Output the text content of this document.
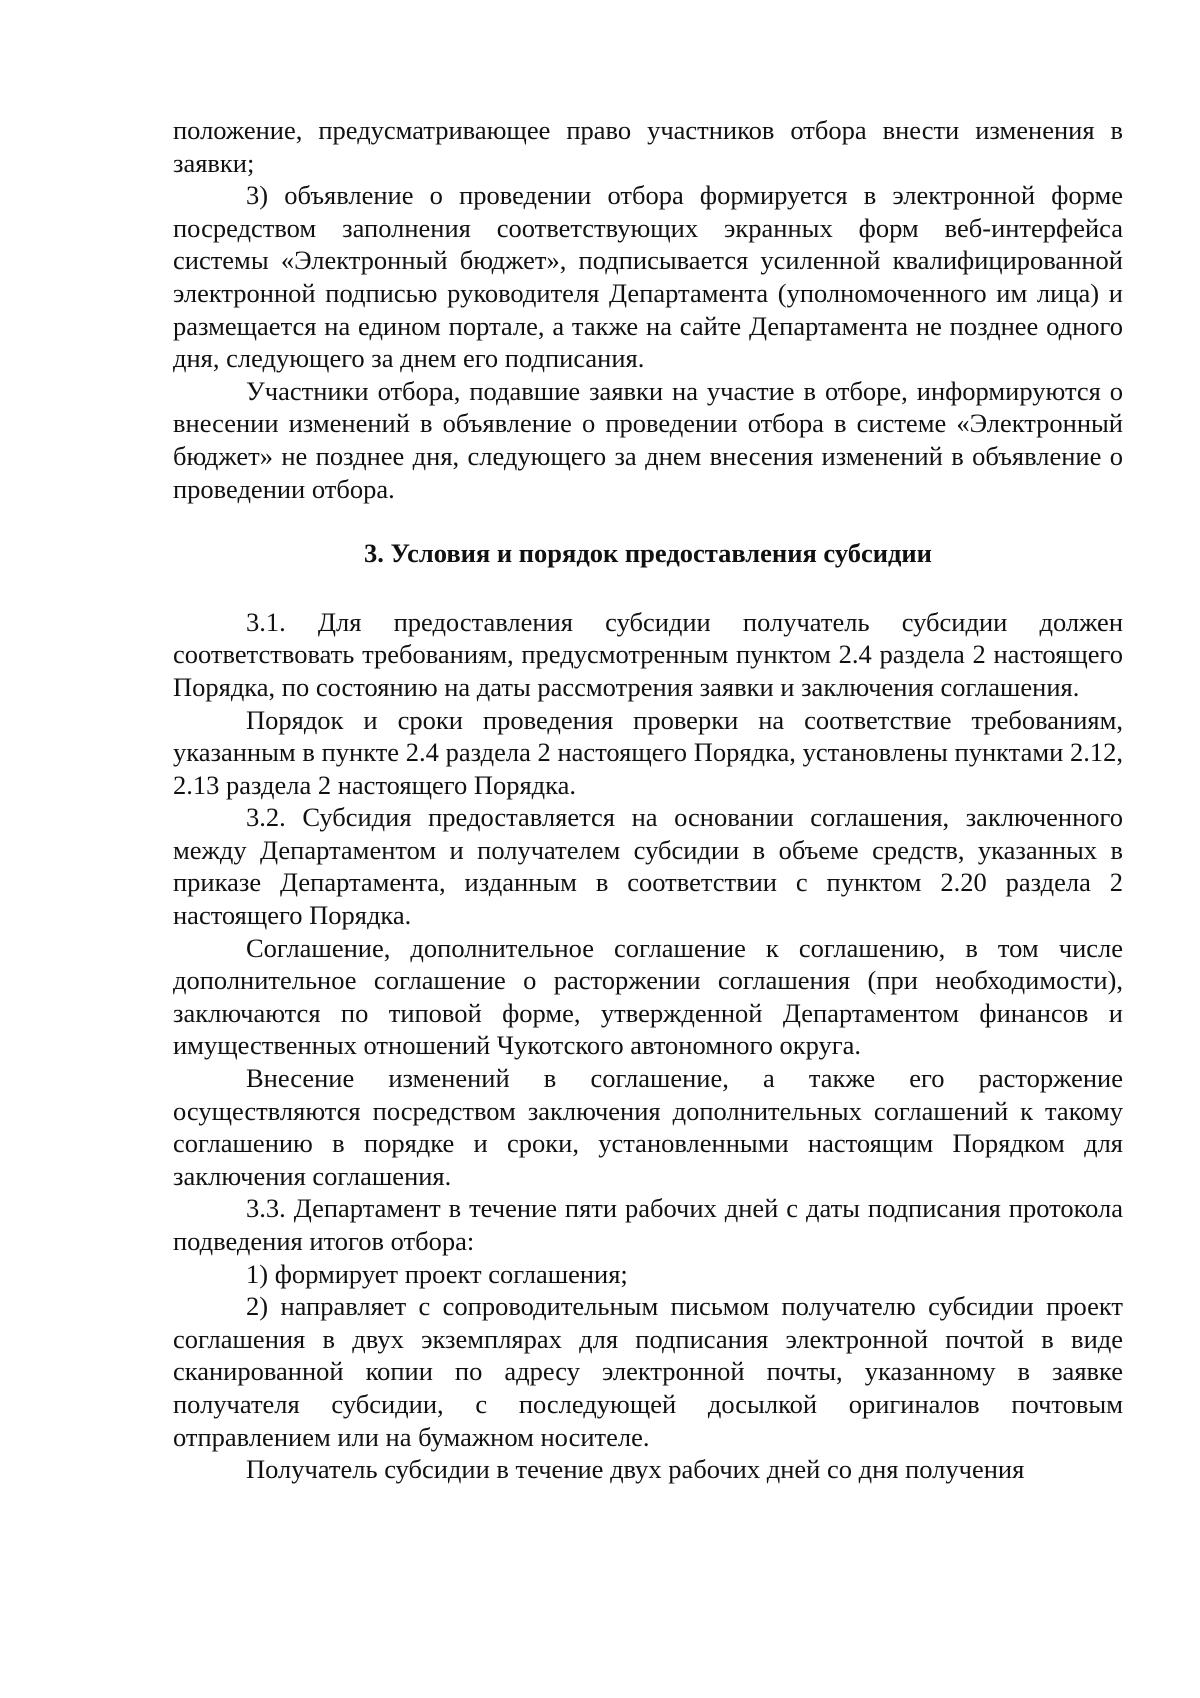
положение, предусматривающее право участников отбора внести изменения в заявки;

3) объявление о проведении отбора формируется в электронной форме посредством заполнения соответствующих экранных форм веб-интерфейса системы «Электронный бюджет», подписывается усиленной квалифицированной электронной подписью руководителя Департамента (уполномоченного им лица) и размещается на едином портале, а также на сайте Департамента не позднее одного дня, следующего за днем его подписания.

Участники отбора, подавшие заявки на участие в отборе, информируются о внесении изменений в объявление о проведении отбора в системе «Электронный бюджет» не позднее дня, следующего за днем внесения изменений в объявление о проведении отбора.

3. Условия и порядок предоставления субсидии

3.1. Для предоставления субсидии получатель субсидии должен соответствовать требованиям, предусмотренным пунктом 2.4 раздела 2 настоящего Порядка, по состоянию на даты рассмотрения заявки и заключения соглашения.

Порядок и сроки проведения проверки на соответствие требованиям, указанным в пункте 2.4 раздела 2 настоящего Порядка, установлены пунктами 2.12, 2.13 раздела 2 настоящего Порядка.

3.2. Субсидия предоставляется на основании соглашения, заключенного между Департаментом и получателем субсидии в объеме средств, указанных в приказе Департамента, изданным в соответствии с пунктом 2.20 раздела 2 настоящего Порядка.

Соглашение, дополнительное соглашение к соглашению, в том числе дополнительное соглашение о расторжении соглашения (при необходимости), заключаются по типовой форме, утвержденной Департаментом финансов и имущественных отношений Чукотского автономного округа.

Внесение изменений в соглашение, а также его расторжение осуществляются посредством заключения дополнительных соглашений к такому соглашению в порядке и сроки, установленными настоящим Порядком для заключения соглашения.

3.3. Департамент в течение пяти рабочих дней с даты подписания протокола подведения итогов отбора:

1) формирует проект соглашения;

2) направляет с сопроводительным письмом получателю субсидии проект соглашения в двух экземплярах для подписания электронной почтой в виде сканированной копии по адресу электронной почты, указанному в заявке получателя субсидии, с последующей досылкой оригиналов почтовым отправлением или на бумажном носителе.

Получатель субсидии в течение двух рабочих дней со дня получения
